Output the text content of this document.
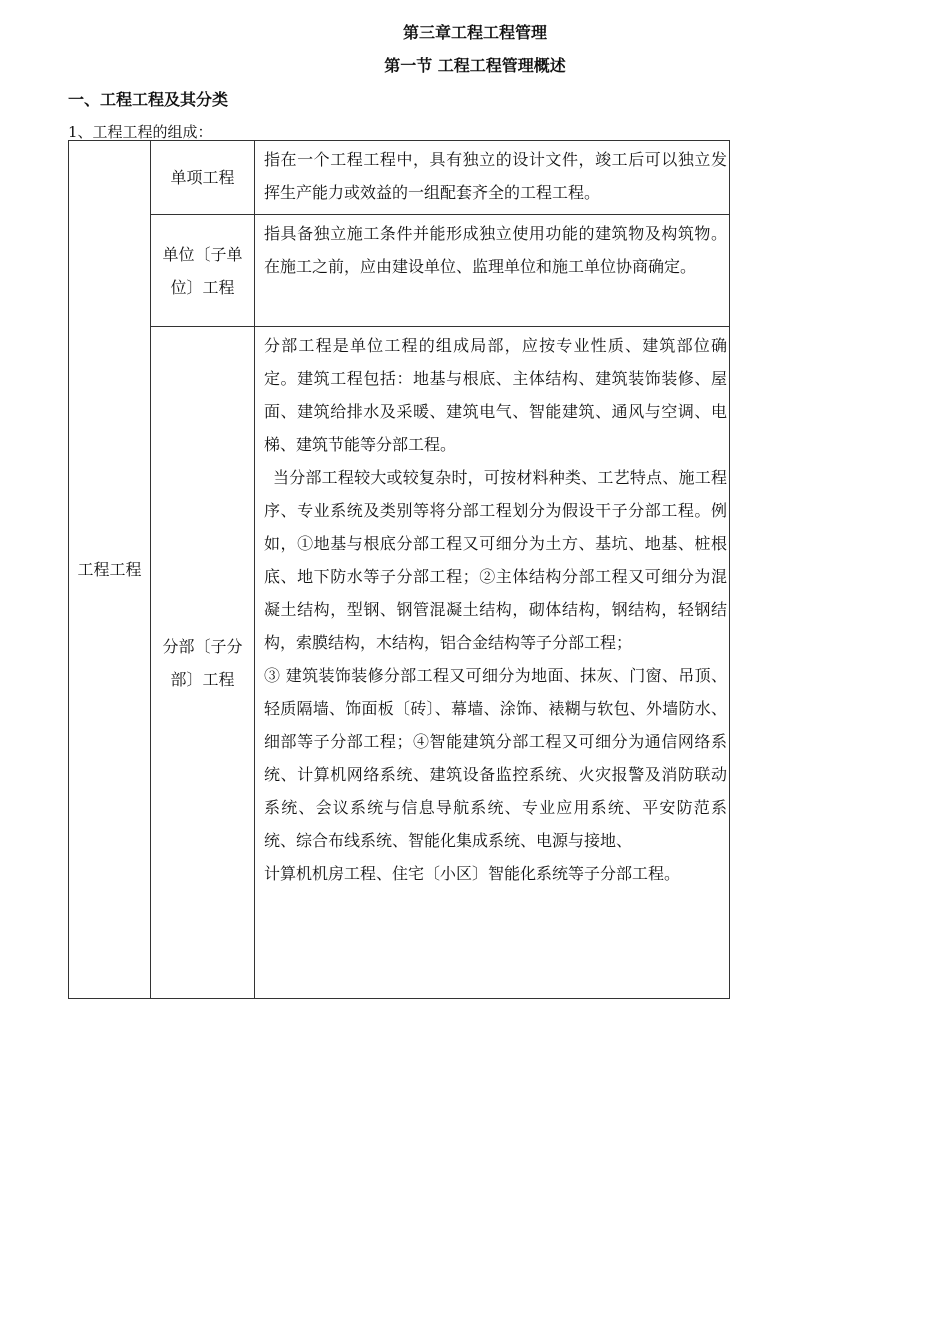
第三章工程工程管理
第一节 工程工程管理概述
一、工程工程及其分类
1、工程工程的组成：
工程工程	单项工程	指在一个工程工程中，具有独立的设计文件，竣工后可以独立发挥生产能力或效益的一组配套齐全的工程工程。

	单位〔子单位〕工程	指具备独立施工条件并能形成独立使用功能的建筑物及构筑物。在施工之前，应由建设单位、监理单位和施工单位协商确定。

	分部〔子分部〕工程	分部工程是单位工程的组成局部，应按专业性质、建筑部位确定。建筑工程包括：地基与根底、主体结构、建筑装饰装修、屋面、建筑给排水及采暖、建筑电气、智能建筑、通风与空调、电梯、建筑节能等分部工程。

当分部工程较大或较复杂时，可按材料种类、工艺特点、施工程序、专业系统及类别等将分部工程划分为假设干子分部工程。例如，①地基与根底分部工程又可细分为土方、基坑、地基、桩根底、地下防水等子分部工程；②主体结构分部工程又可细分为混凝土结构，型钢、钢管混凝土结构，砌体结构，钢结构，轻钢结构，索膜结构，木结构，铝合金结构等子分部工程；

③ 建筑装饰装修分部工程又可细分为地面、抹灰、门窗、吊顶、轻质隔墙、饰面板〔砖〕、幕墙、涂饰、裱糊与软包、外墙防水、细部等子分部工程；④智能建筑分部工程又可细分为通信网络系统、计算机网络系统、建筑设备监控系统、火灾报警及消防联动系统、会议系统与信息导航系统、专业应用系统、平安防范系统、综合布线系统、智能化集成系统、电源与接地、

计算机机房工程、住宅〔小区〕智能化系统等子分部工程。
